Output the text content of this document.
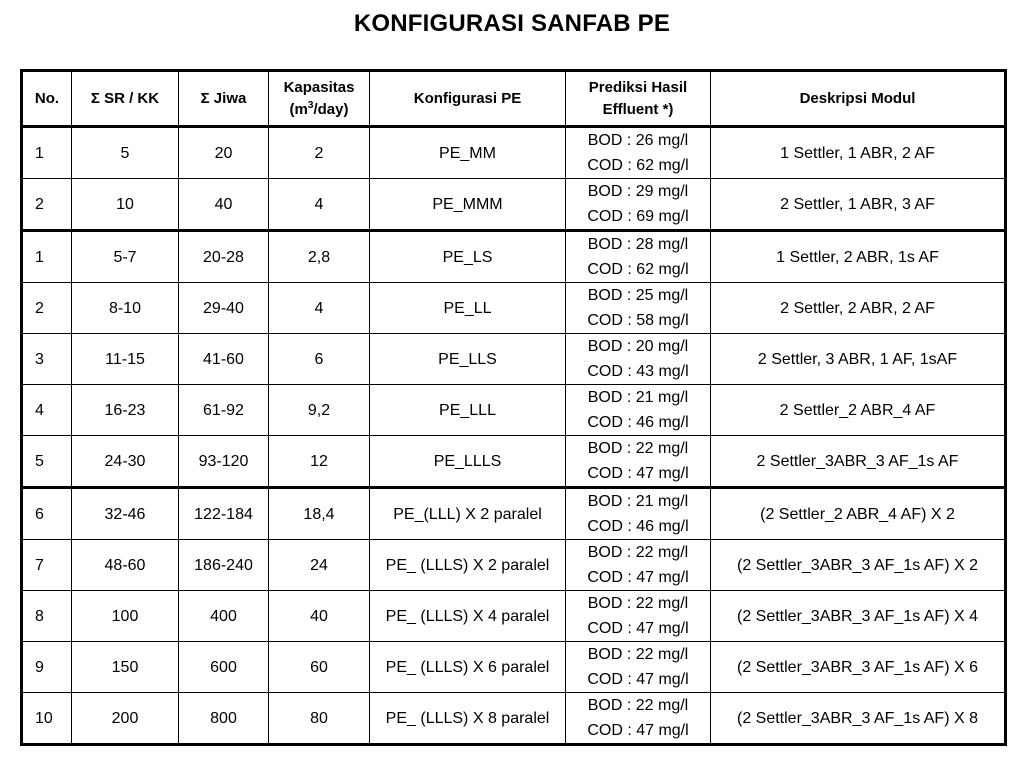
KONFIGURASI SANFAB PE
No.	Σ SR / KK	Σ Jiwa	Kapasitas
$(m^3/day)$	Konfigurasi PE	Prediksi Hasil
Effluent *)	Deskripsi Modul
1	5	20	2	PE_MM	BOD : 26 mg/l
COD : 62 mg/l	1 Settler, 1 ABR, 2 AF
2	10	40	4	PE_MMM	BOD : 29 mg/l
COD : 69 mg/l	2 Settler, 1 ABR, 3 AF
1	5-7	20-28	2,8	PE_LS	BOD : 28 mg/l
COD : 62 mg/l	1 Settler, 2 ABR, 1s AF
2	8-10	29-40	4	PE_LL	BOD : 25 mg/l
COD : 58 mg/l	2 Settler, 2 ABR, 2 AF
3	11-15	41-60	6	PE_LLS	BOD : 20 mg/l
COD : 43 mg/l	2 Settler, 3 ABR, 1 AF, 1sAF
4	16-23	61-92	9,2	PE_LLL	BOD : 21 mg/l
COD : 46 mg/l	2 Settler_2 ABR_4 AF
5	24-30	93-120	12	PE_LLLS	BOD : 22 mg/l
COD : 47 mg/l	2 Settler_3ABR_3 AF_1s AF
6	32-46	122-184	18,4	PE_(LLL) X 2 paralel	BOD : 21 mg/l
COD : 46 mg/l	(2 Settler_2 ABR_4 AF) X 2
7	48-60	186-240	24	PE_ (LLLS) X 2 paralel	BOD : 22 mg/l
COD : 47 mg/l	(2 Settler_3ABR_3 AF_1s AF) X 2
8	100	400	40	PE_ (LLLS) X 4 paralel	BOD : 22 mg/l
COD : 47 mg/l	(2 Settler_3ABR_3 AF_1s AF) X 4
9	150	600	60	PE_ (LLLS) X 6 paralel	BOD : 22 mg/l
COD : 47 mg/l	(2 Settler_3ABR_3 AF_1s AF) X 6
10	200	800	80	PE_ (LLLS) X 8 paralel	BOD : 22 mg/l
COD : 47 mg/l	(2 Settler_3ABR_3 AF_1s AF) X 8
